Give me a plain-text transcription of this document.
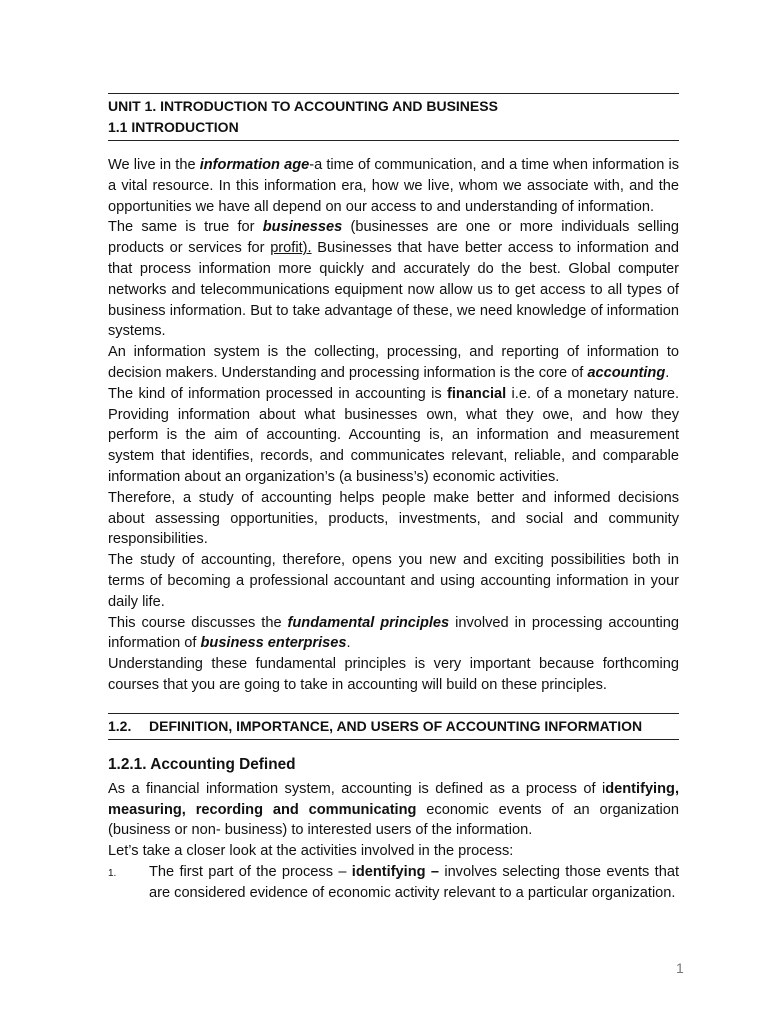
UNIT 1. INTRODUCTION TO ACCOUNTING AND BUSINESS
1.1 INTRODUCTION

We live in the information age-a time of communication, and a time when information is a vital resource. In this information era, how we live, whom we associate with, and the opportunities we have all depend on our access to and understanding of information.

The same is true for businesses (businesses are one or more individuals selling products or services for profit). Businesses that have better access to information and that process information more quickly and accurately do the best. Global computer networks and telecommunications equipment now allow us to get access to all types of business information. But to take advantage of these, we need knowledge of information systems.

An information system is the collecting, processing, and reporting of information to decision makers. Understanding and processing information is the core of accounting.

The kind of information processed in accounting is financial i.e. of a monetary nature. Providing information about what businesses own, what they owe, and how they perform is the aim of accounting. Accounting is, an information and measurement system that identifies, records, and communicates relevant, reliable, and comparable information about an organization’s (a business’s) economic activities.

Therefore, a study of accounting helps people make better and informed decisions about assessing opportunities, products, investments, and social and community responsibilities.

The study of accounting, therefore, opens you new and exciting possibilities both in terms of becoming a professional accountant and using accounting information in your daily life.

This course discusses the fundamental principles involved in processing accounting information of business enterprises.

Understanding these fundamental principles is very important because forthcoming courses that you are going to take in accounting will build on these principles.

1.2. DEFINITION, IMPORTANCE, AND USERS OF ACCOUNTING INFORMATION
1.2.1. Accounting Defined

As a financial information system, accounting is defined as a process of identifying, measuring, recording and communicating economic events of an organization (business or non- business) to interested users of the information.

Let’s take a closer look at the activities involved in the process:

1. The first part of the process – identifying – involves selecting those events that are considered evidence of economic activity relevant to a particular organization.

1
